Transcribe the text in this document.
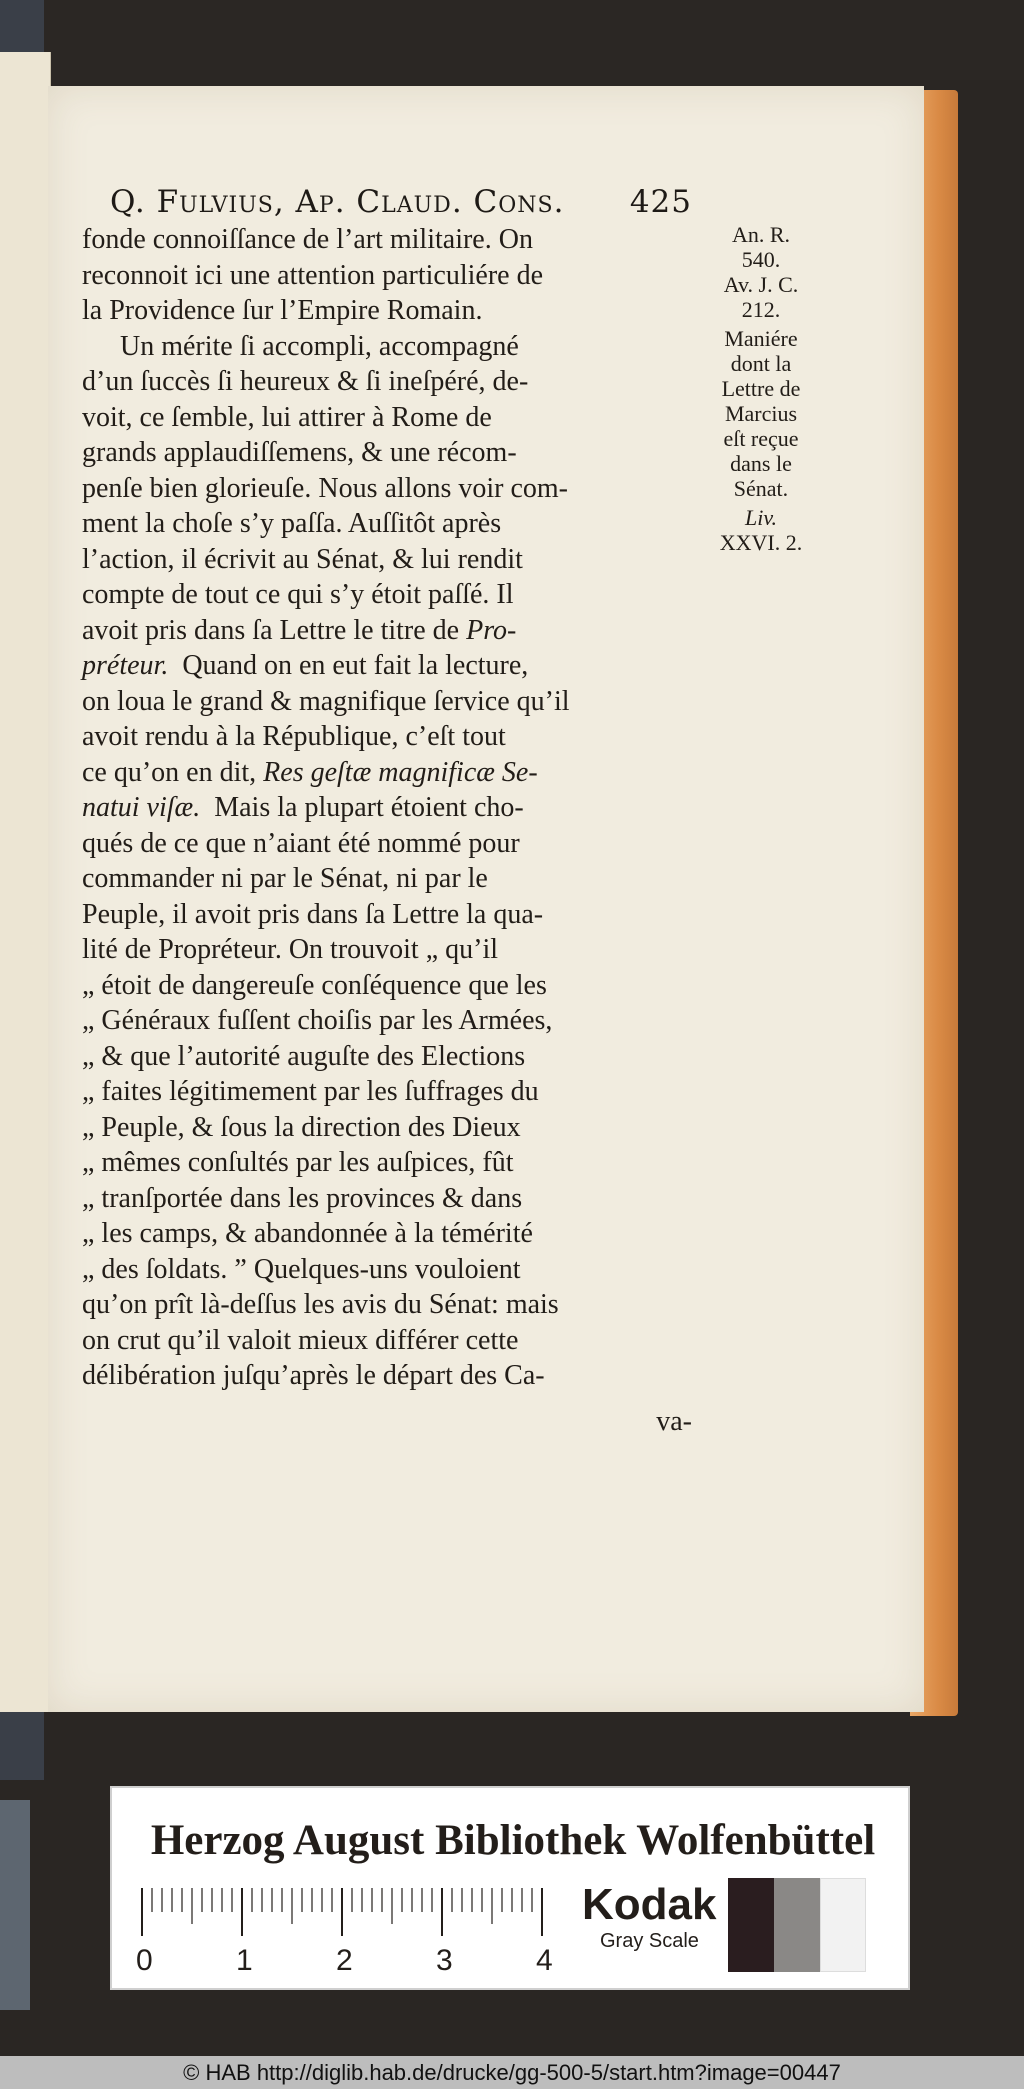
Q. Fulvius, Ap. Claud. Cons. 425
fonde connoiſſance de l’art militaire. On
reconnoit ici une attention particuliére de
la Providence ſur l’Empire Romain.
Un mérite ſi accompli, accompagné
d’un ſuccès ſi heureux & ſi ineſpéré, de-
voit, ce ſemble, lui attirer à Rome de
grands applaudiſſemens, & une récom-
penſe bien glorieuſe. Nous allons voir com-
ment la choſe s’y paſſa. Auſſitôt après
l’action, il écrivit au Sénat, & lui rendit
compte de tout ce qui s’y étoit paſſé. Il
avoit pris dans ſa Lettre le titre de Pro-
préteur. Quand on en eut fait la lecture,
on loua le grand & magnifique ſervice qu’il
avoit rendu à la République, c’eſt tout
ce qu’on en dit, Res geſtæ magnificæ Se-
natui viſæ. Mais la plupart étoient cho-
qués de ce que n’aiant été nommé pour
commander ni par le Sénat, ni par le
Peuple, il avoit pris dans ſa Lettre la qua-
lité de Propréteur. On trouvoit „ qu’il
„ étoit de dangereuſe conſéquence que les
„ Généraux fuſſent choiſis par les Armées,
„ & que l’autorité auguſte des Elections
„ faites légitimement par les ſuffrages du
„ Peuple, & ſous la direction des Dieux
„ mêmes conſultés par les auſpices, fût
„ tranſportée dans les provinces & dans
„ les camps, & abandonnée à la témérité
„ des ſoldats. ” Quelques-uns vouloient
qu’on prît là-deſſus les avis du Sénat: mais
on crut qu’il valoit mieux différer cette
délibération juſqu’après le départ des Ca-
An. R.
540.
Av. J. C.
212.
Maniére
dont la
Lettre de
Marcius
eſt reçue
dans le
Sénat.
Liv.
XXVI. 2.
va-
Herzog August Bibliothek Wolfenbüttel
0	1	2	3	4
Kodak
Gray Scale
© HAB http://diglib.hab.de/drucke/gg-500-5/start.htm?image=00447
